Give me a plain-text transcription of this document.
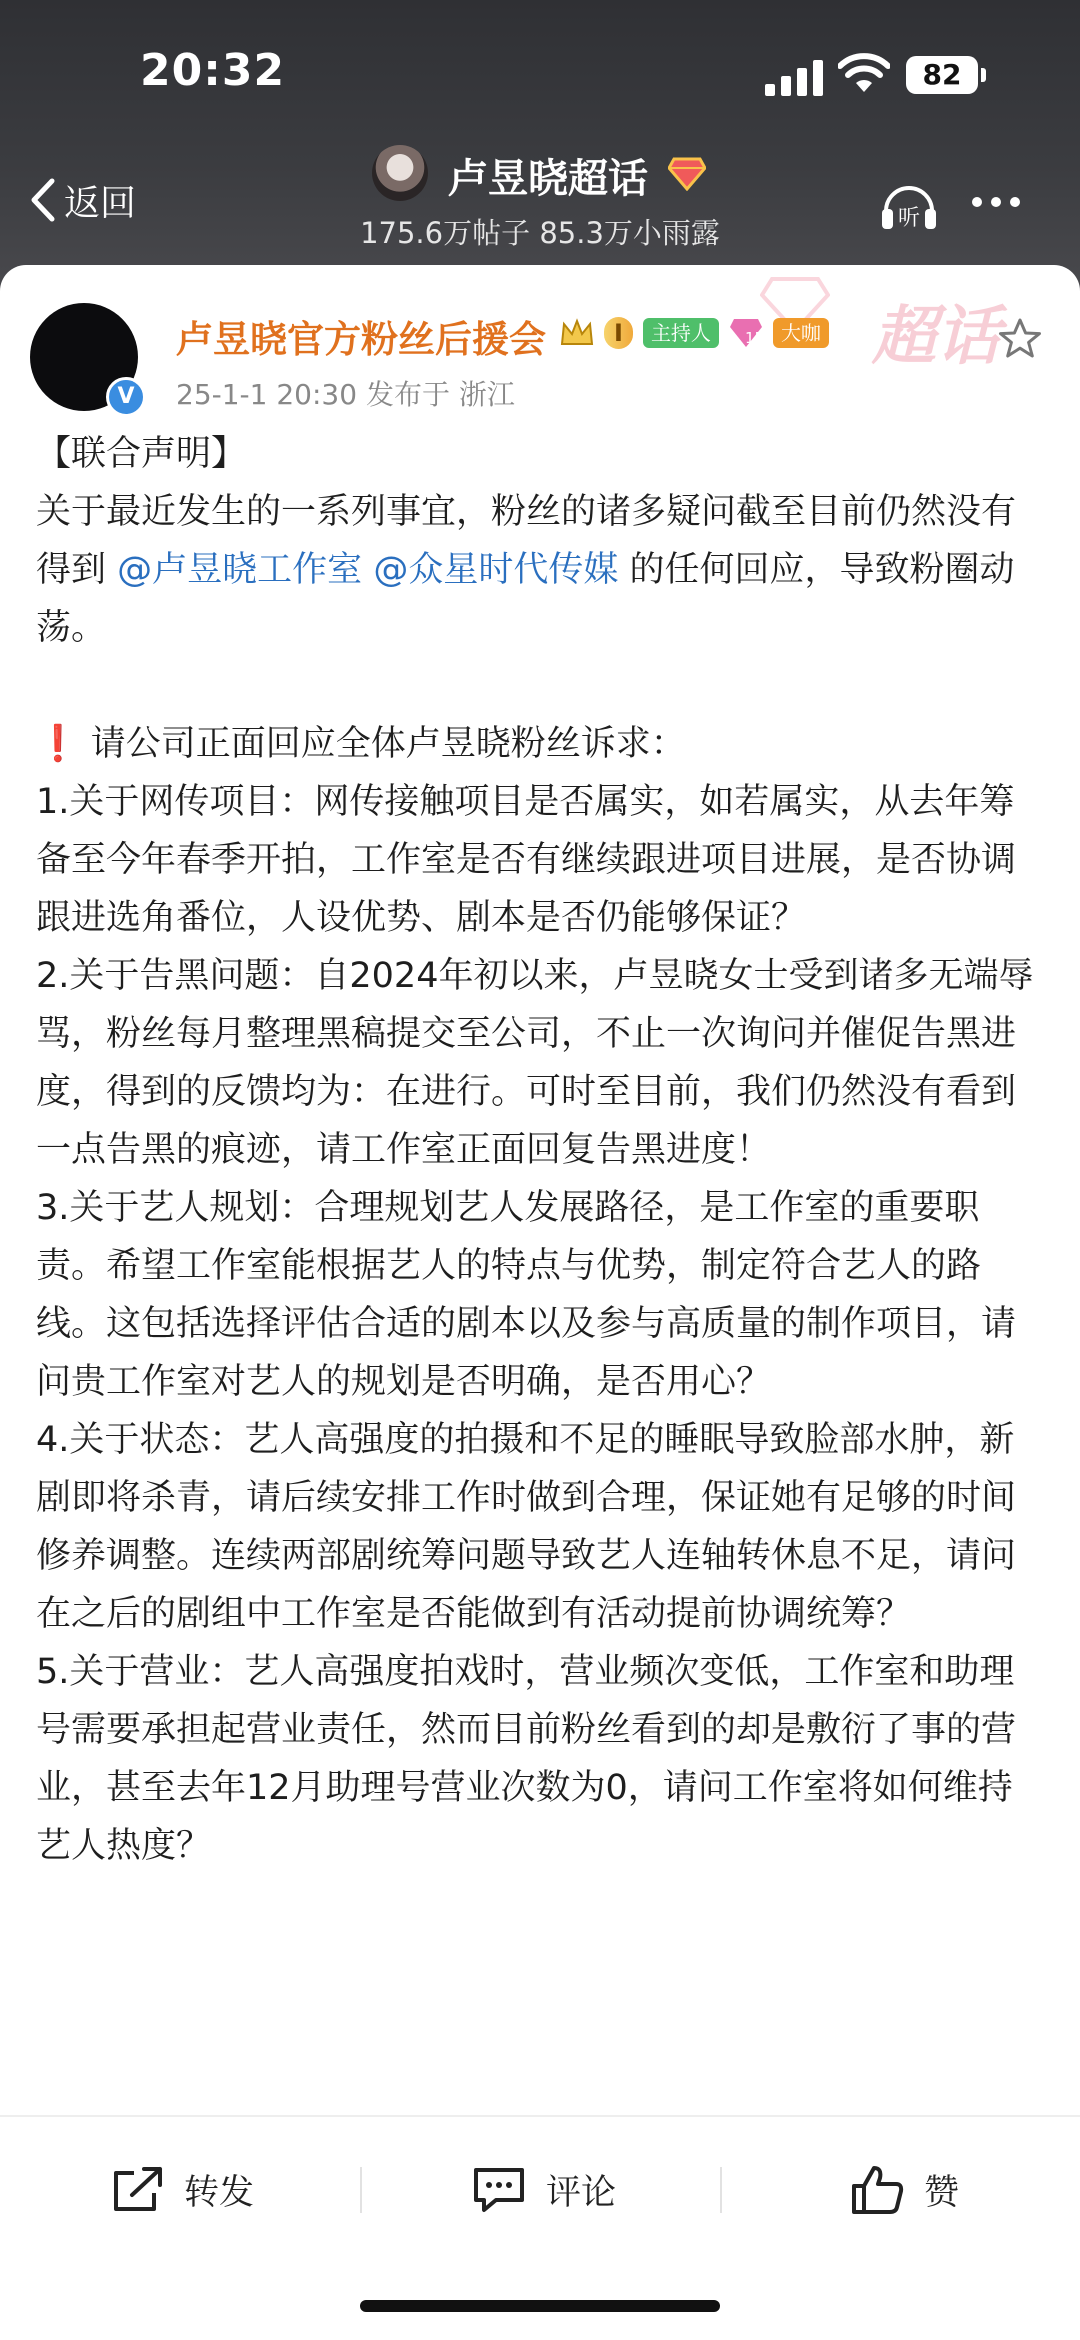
20:32	82
返回
卢昱晓超话
175.6万帖子 85.3万小雨露	听
超话
V
卢昱晓官方粉丝后援会	I	主持人	15 大咖
25-1-1 20:30 发布于 浙江

【联合声明】

关于最近发生的一系列事宜，粉丝的诸多疑问截至目前仍然没有得到 @卢昱晓工作室 @众星时代传媒 的任何回应，导致粉圈动荡。

❗ 请公司正面回应全体卢昱晓粉丝诉求：

1.关于网传项目：网传接触项目是否属实，如若属实，从去年筹备至今年春季开拍，工作室是否有继续跟进项目进展，是否协调跟进选角番位，人设优势、剧本是否仍能够保证？

2.关于告黑问题：自2024年初以来，卢昱晓女士受到诸多无端辱骂，粉丝每月整理黑稿提交至公司，不止一次询问并催促告黑进度，得到的反馈均为：在进行。可时至目前，我们仍然没有看到一点告黑的痕迹，请工作室正面回复告黑进度！

3.关于艺人规划：合理规划艺人发展路径，是工作室的重要职责。希望工作室能根据艺人的特点与优势，制定符合艺人的路线。这包括选择评估合适的剧本以及参与高质量的制作项目，请问贵工作室对艺人的规划是否明确，是否用心？

4.关于状态：艺人高强度的拍摄和不足的睡眠导致脸部水肿，新剧即将杀青，请后续安排工作时做到合理，保证她有足够的时间修养调整。连续两部剧统筹问题导致艺人连轴转休息不足，请问在之后的剧组中工作室是否能做到有活动提前协调统筹？

5.关于营业：艺人高强度拍戏时，营业频次变低，工作室和助理号需要承担起营业责任，然而目前粉丝看到的却是敷衍了事的营业，甚至去年12月助理号营业次数为0，请问工作室将如何维持艺人热度？

转发	评论	赞
